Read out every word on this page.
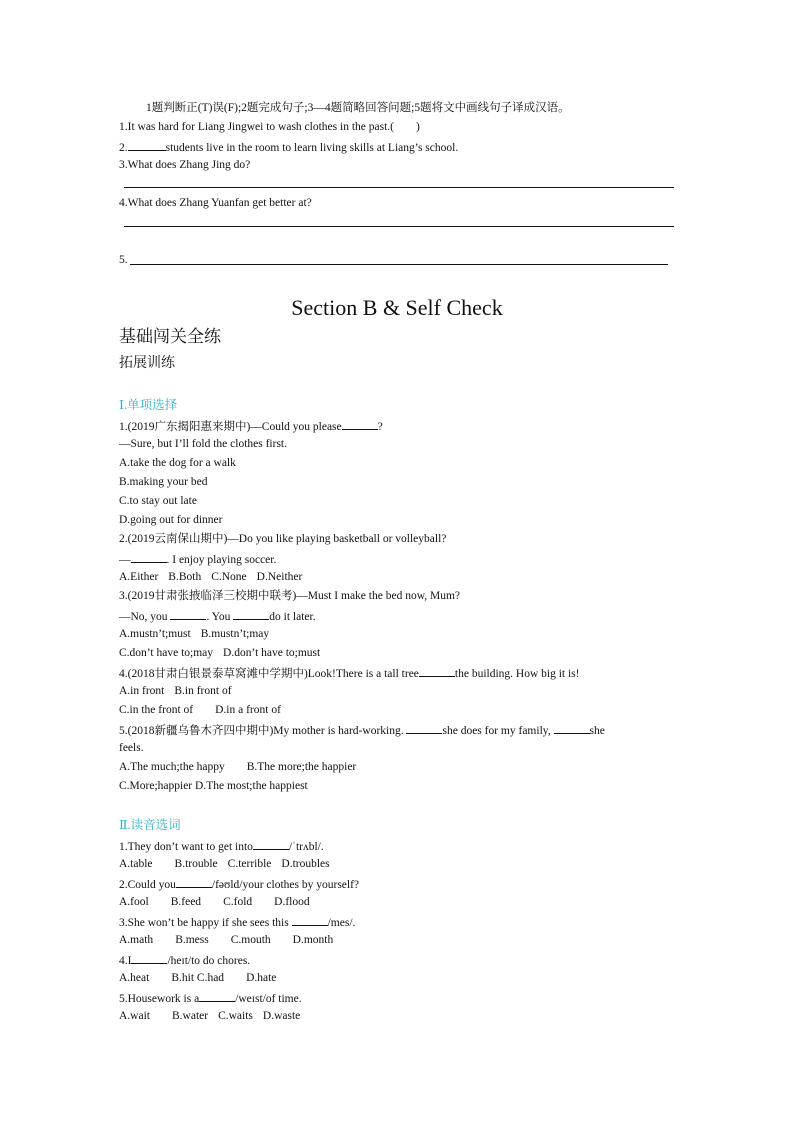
1题判断正(T)误(F);2题完成句子;3—4题简略回答问题;5题将文中画线句子译成汉语。
1.It was hard for Liang Jingwei to wash clothes in the past.( )
2.	students live in the room to learn living skills at Liang’s school.
3.What does Zhang Jing do?
4.What does Zhang Yuanfan get better at?
5.
Section B & Self Check
基础闯关全练
拓展训练
Ⅰ.单项选择
1.(2019广东揭阳惠来期中)—Could you please	?
—Sure, but I’ll fold the clothes first.
A.take the dog for a walk
B.making your bed
C.to stay out late
D.going out for dinner
2.(2019云南保山期中)—Do you like playing basketball or volleyball?
—	. I enjoy playing soccer.
A.Either B.Both C.None D.Neither
3.(2019甘肃张掖临泽三校期中联考)—Must I make the bed now, Mum?
—No, you	. You	do it later.
A.mustn’t;must B.mustn’t;may
C.don’t have to;may D.don’t have to;must
4.(2018甘肃白银景泰草窝滩中学期中)Look!There is a tall tree	the building. How big it is!
A.in front B.in front of
C.in the front of D.in a front of
5.(2018新疆乌鲁木齐四中期中)My mother is hard-working.	she does for my family,	she
feels.
A.The much;the happy B.The more;the happier
C.More;happier D.The most;the happiest
Ⅱ.读音选词
1.They don’t want to get into	/ˈtrʌbl/.
A.table B.trouble C.terrible D.troubles
2.Could you	/fəʊld/your clothes by yourself?
A.fool B.feed C.fold D.flood
3.She won’t be happy if she sees this	/mes/.
A.math B.mess C.mouth D.month
4.I	/heɪt/to do chores.
A.heat B.hit C.had D.hate
5.Housework is a	/weɪst/of time.
A.wait B.water C.waits D.waste
